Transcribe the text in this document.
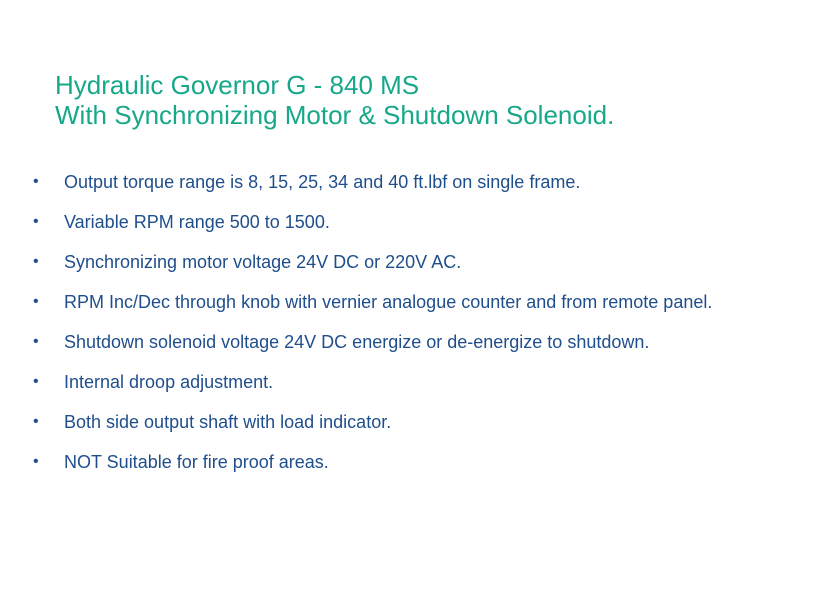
Hydraulic Governor G - 840 MS
With Synchronizing Motor & Shutdown Solenoid.
•	Output torque range is 8, 15, 25, 34 and 40 ft.lbf on single frame.
•	Variable RPM range 500 to 1500.
•	Synchronizing motor voltage 24V DC or 220V AC.
•	RPM Inc/Dec through knob with vernier analogue counter and from remote panel.
•	Shutdown solenoid voltage 24V DC energize or de-energize to shutdown.
•	Internal droop adjustment.
•	Both side output shaft with load indicator.
•	NOT Suitable for fire proof areas.
